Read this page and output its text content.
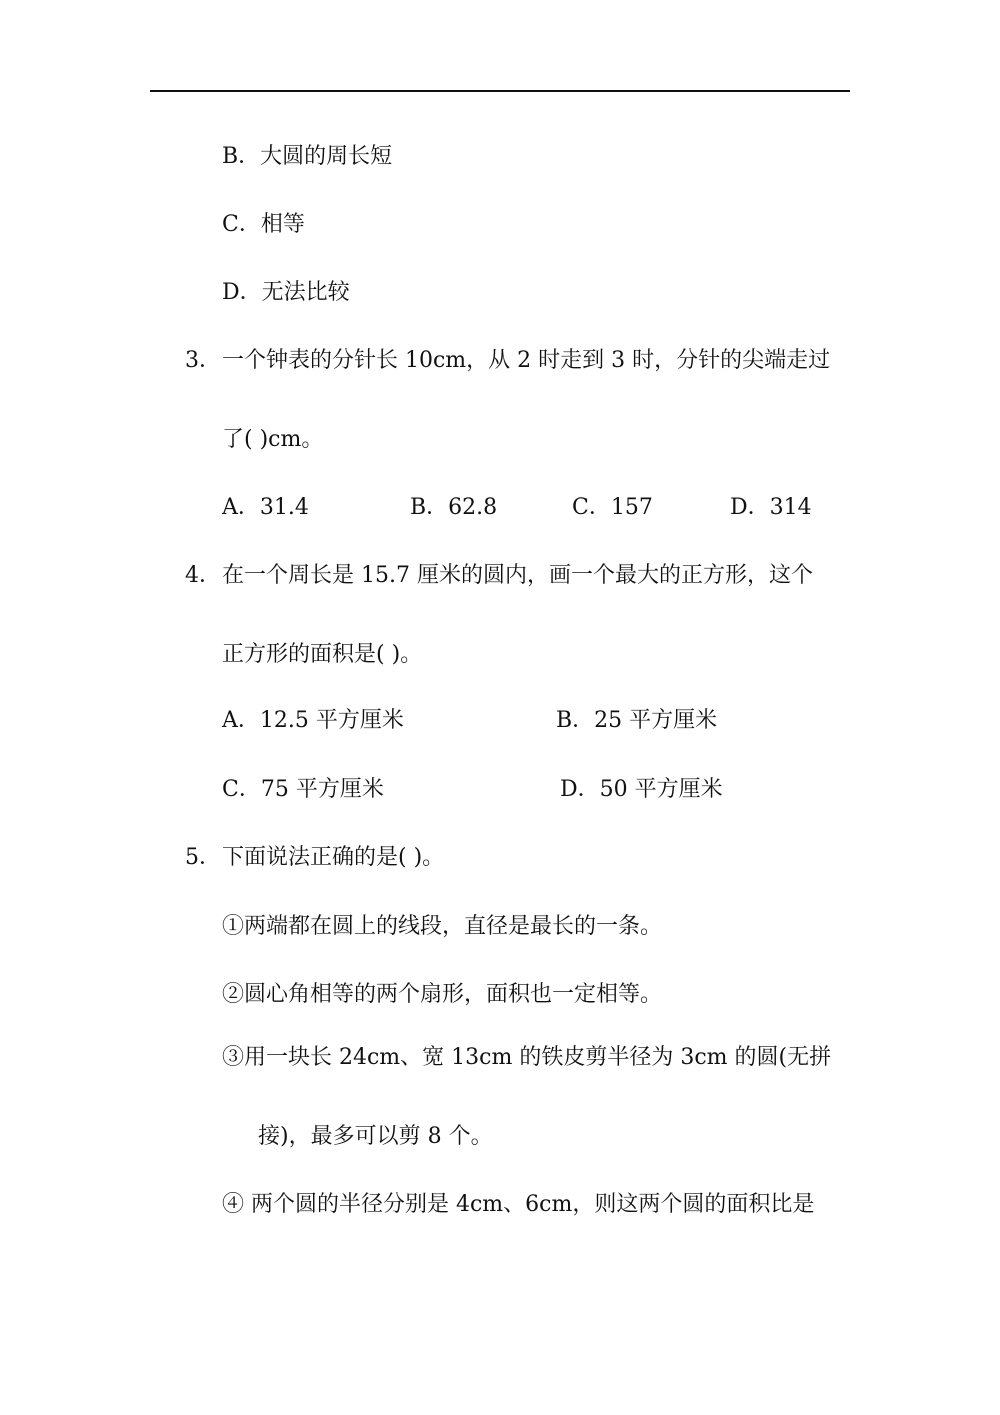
B．大圆的周长短
C．相等
D．无法比较
3．一个钟表的分针长 10cm，从 2 时走到 3 时，分针的尖端走过
了( )cm。
A．31.4	B．62.8	C．157	D．314
4．在一个周长是 15.7 厘米的圆内，画一个最大的正方形，这个
正方形的面积是( )。
A．12.5 平方厘米	B．25 平方厘米
C．75 平方厘米	D．50 平方厘米
5．下面说法正确的是( )。
①两端都在圆上的线段，直径是最长的一条。
②圆心角相等的两个扇形，面积也一定相等。
③用一块长 24cm、宽 13cm 的铁皮剪半径为 3cm 的圆(无拼
接)，最多可以剪 8 个。
④ 两个圆的半径分别是 4cm、6cm，则这两个圆的面积比是
